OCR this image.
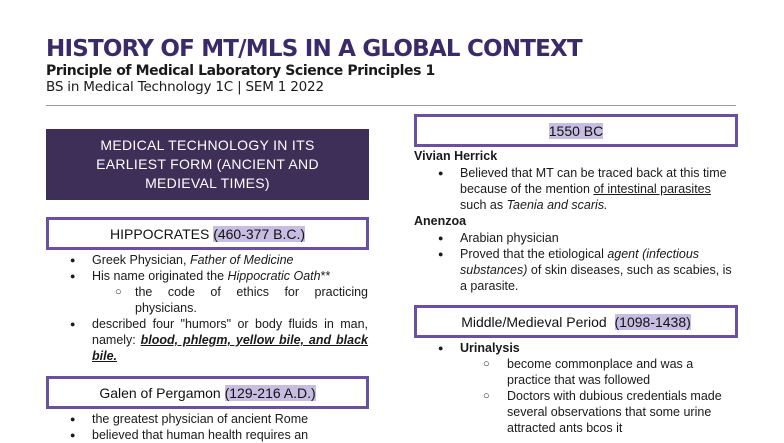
HISTORY OF MT/MLS IN A GLOBAL CONTEXT
Principle of Medical Laboratory Science Principles 1
BS in Medical Technology 1C | SEM 1 2022
MEDICAL TECHNOLOGY IN ITS EARLIEST FORM (ANCIENT AND MEDIEVAL TIMES)
HIPPOCRATES
(460-377 B.C.)
● Greek Physician, Father of Medicine
● His name originated the Hippocratic Oath**
○ the code of ethics for practicing physicians.
● described four "humors" or body fluids in man, namely: blood, phlegm, yellow bile, and black bile.
Galen of Pergamon
(129-216 A.D.)
● the greatest physician of ancient Rome
● believed that human health requires an
1550 BC
Vivian Herrick
● Believed that MT can be traced back at this time because of the mention of intestinal parasites such as Taenia and scaris.
Anenzoa
● Arabian physician
● Proved that the etiological agent (infectious substances) of skin diseases, such as scabies, is a parasite.
Middle/Medieval Period
(1098-1438)
● Urinalysis
○ become commonplace and was a practice that was followed
○ Doctors with dubious credentials made several observations that some urine attracted ants bcos it
